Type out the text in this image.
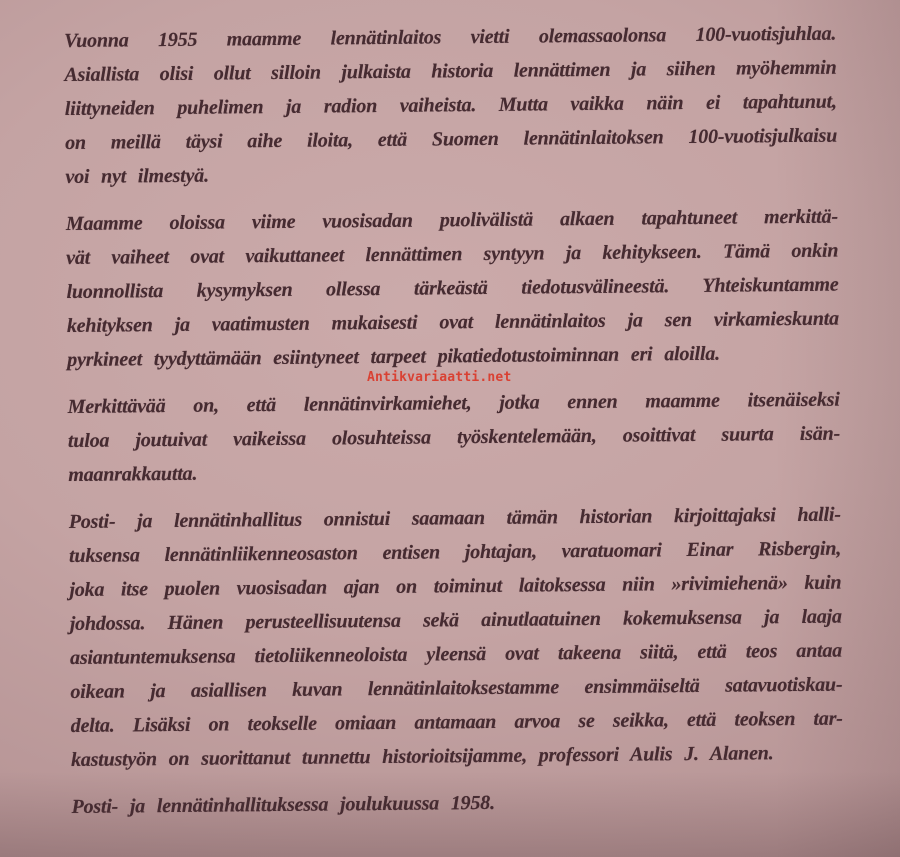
Vuonna 1955 maamme lennätinlaitos vietti olemassaolonsa 100-vuotisjuhlaa.
Asiallista olisi ollut silloin julkaista historia lennättimen ja siihen myöhemmin
liittyneiden puhelimen ja radion vaiheista. Mutta vaikka näin ei tapahtunut,
on meillä täysi aihe iloita, että Suomen lennätinlaitoksen 100-vuotisjulkaisu
voi nyt ilmestyä.
Maamme oloissa viime vuosisadan puolivälistä alkaen tapahtuneet merkittä-
vät vaiheet ovat vaikuttaneet lennättimen syntyyn ja kehitykseen. Tämä onkin
luonnollista kysymyksen ollessa tärkeästä tiedotusvälineestä. Yhteiskuntamme
kehityksen ja vaatimusten mukaisesti ovat lennätinlaitos ja sen virkamieskunta
pyrkineet tyydyttämään esiintyneet tarpeet pikatiedotustoiminnan eri aloilla.
Merkittävää on, että lennätinvirkamiehet, jotka ennen maamme itsenäiseksi
tuloa joutuivat vaikeissa olosuhteissa työskentelemään, osoittivat suurta isän-
maanrakkautta.
Posti- ja lennätinhallitus onnistui saamaan tämän historian kirjoittajaksi halli-
tuksensa lennätinliikenneosaston entisen johtajan, varatuomari Einar Risbergin,
joka itse puolen vuosisadan ajan on toiminut laitoksessa niin »rivimiehenä» kuin
johdossa. Hänen perusteellisuutensa sekä ainutlaatuinen kokemuksensa ja laaja
asiantuntemuksensa tietoliikenneoloista yleensä ovat takeena siitä, että teos antaa
oikean ja asiallisen kuvan lennätinlaitoksestamme ensimmäiseltä satavuotiskau-
delta. Lisäksi on teokselle omiaan antamaan arvoa se seikka, että teoksen tar-
kastustyön on suorittanut tunnettu historioitsijamme, professori Aulis J. Alanen.
Posti- ja lennätinhallituksessa joulukuussa 1958.
Antikvariaatti.net
